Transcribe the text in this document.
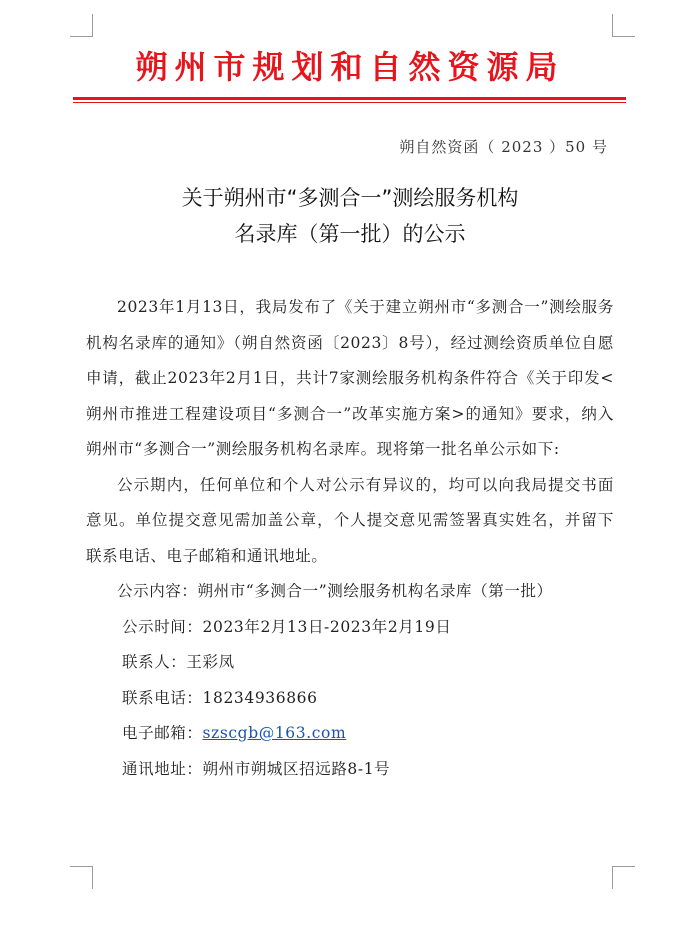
朔州市规划和自然资源局
朔自然资函（ 2023 ）50 号
关于朔州市“多测合一”测绘服务机构
名录库（第一批）的公示

2023年1月13日，我局发布了《关于建立朔州市“多测合一”测绘服务机构名录库的通知》（朔自然资函〔2023〕8号），经过测绘资质单位自愿申请，截止2023年2月1日，共计7家测绘服务机构条件符合《关于印发<朔州市推进工程建设项目“多测合一”改革实施方案>的通知》要求，纳入朔州市“多测合一”测绘服务机构名录库。现将第一批名单公示如下:

公示期内，任何单位和个人对公示有异议的，均可以向我局提交书面意见。单位提交意见需加盖公章，个人提交意见需签署真实姓名，并留下联系电话、电子邮箱和通讯地址。

公示内容：朔州市“多测合一”测绘服务机构名录库（第一批）

公示时间：2023年2月13日-2023年2月19日
联系人：王彩凤
联系电话：18234936866
电子邮箱：szscgb@163.com
通讯地址：朔州市朔城区招远路8-1号
